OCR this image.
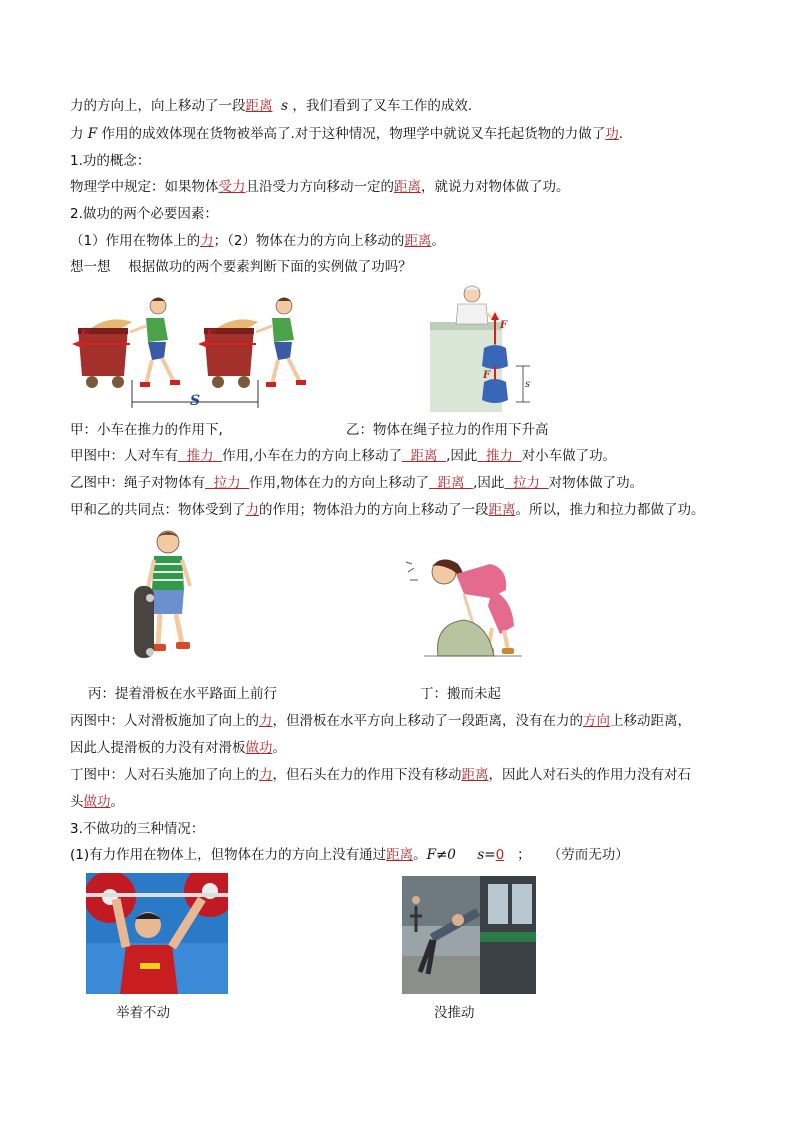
力的方向上，向上移动了一段距离 s ，我们看到了叉车工作的成效.
力 F 作用的成效体现在货物被举高了.对于这种情况，物理学中就说叉车托起货物的力做了功.
1.功的概念：
物理学中规定：如果物体受力且沿受力方向移动一定的距离，就说力对物体做了功。
2.做功的两个必要因素：
（1）作用在物体上的力；（2）物体在力的方向上移动的距离。
想一想　 根据做功的两个要素判断下面的实例做了功吗？
F	F
S
F
F
s
甲：小车在推力的作用下,	乙：物体在绳子拉力的作用下升高
甲图中：人对车有  推力  作用,小车在力的方向上移动了  距离  ,因此  推力  对小车做了功。
乙图中：绳子对物体有  拉力  作用,物体在力的方向上移动了  距离  ,因此  拉力  对物体做了功。
甲和乙的共同点：物体受到了力的作用；物体沿力的方向上移动了一段距离。所以，推力和拉力都做了功。
丙：提着滑板在水平路面上前行	丁：搬而未起
丙图中：人对滑板施加了向上的力，但滑板在水平方向上移动了一段距离，没有在力的方向上移动距离，
因此人提滑板的力没有对滑板做功。
丁图中：人对石头施加了向上的力，但石头在力的作用下没有移动距离，因此人对石头的作用力没有对石
头做功。
3.不做功的三种情况：
(1)有力作用在物体上，但物体在力的方向上没有通过距离。F≠0 s=0 ； （劳而无功）
举着不动	没推动
